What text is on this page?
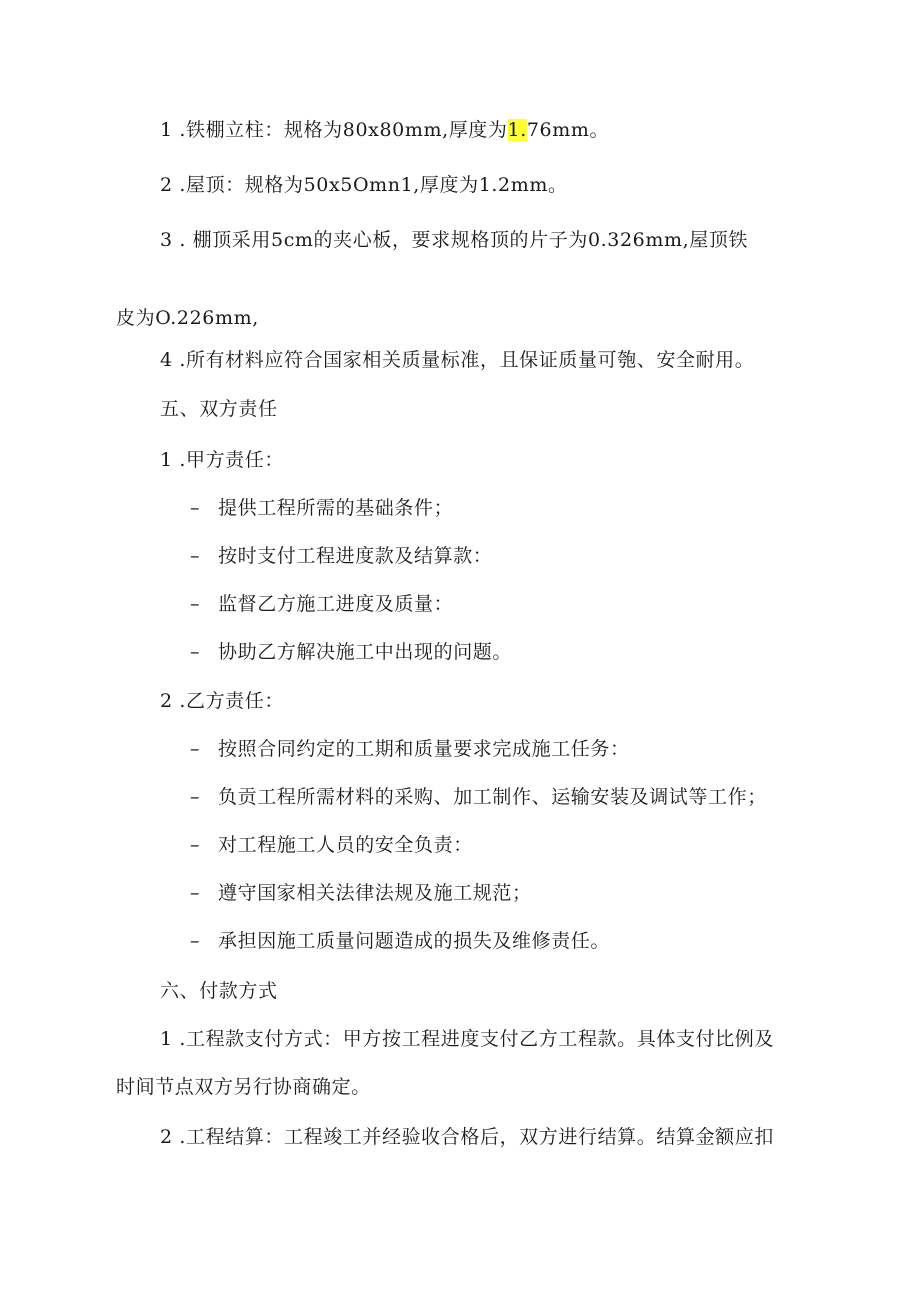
1 .铁棚立柱：规格为80x80mm,厚度为1.76mm。
2 .屋顶：规格为50x5Omn1,厚度为1.2mm。
3 . 棚顶采用5cm的夹心板，要求规格顶的片子为0.326mm,屋顶铁
皮为O.226mm,
4 .所有材料应符合国家相关质量标准，且保证质量可匏、安全耐用。
五、双方责任
1 .甲方责任：
– 提供工程所需的基础条件；
– 按时支付工程进度款及结算款：
– 监督乙方施工进度及质量：
– 协助乙方解决施工中出现的问题。
2 .乙方责任：
– 按照合同约定的工期和质量要求完成施工任务：
– 负贡工程所需材料的采购、加工制作、运输安装及调试等工作；
– 对工程施工人员的安全负责：
– 遵守国家相关法律法规及施工规范；
– 承担因施工质量问题造成的损失及维修责任。
六、付款方式
1 .工程款支付方式：甲方按工程进度支付乙方工程款。具体支付比例及
时间节点双方另行协商确定。
2 .工程结算：工程竣工并经验收合格后，双方进行结算。结算金额应扣
